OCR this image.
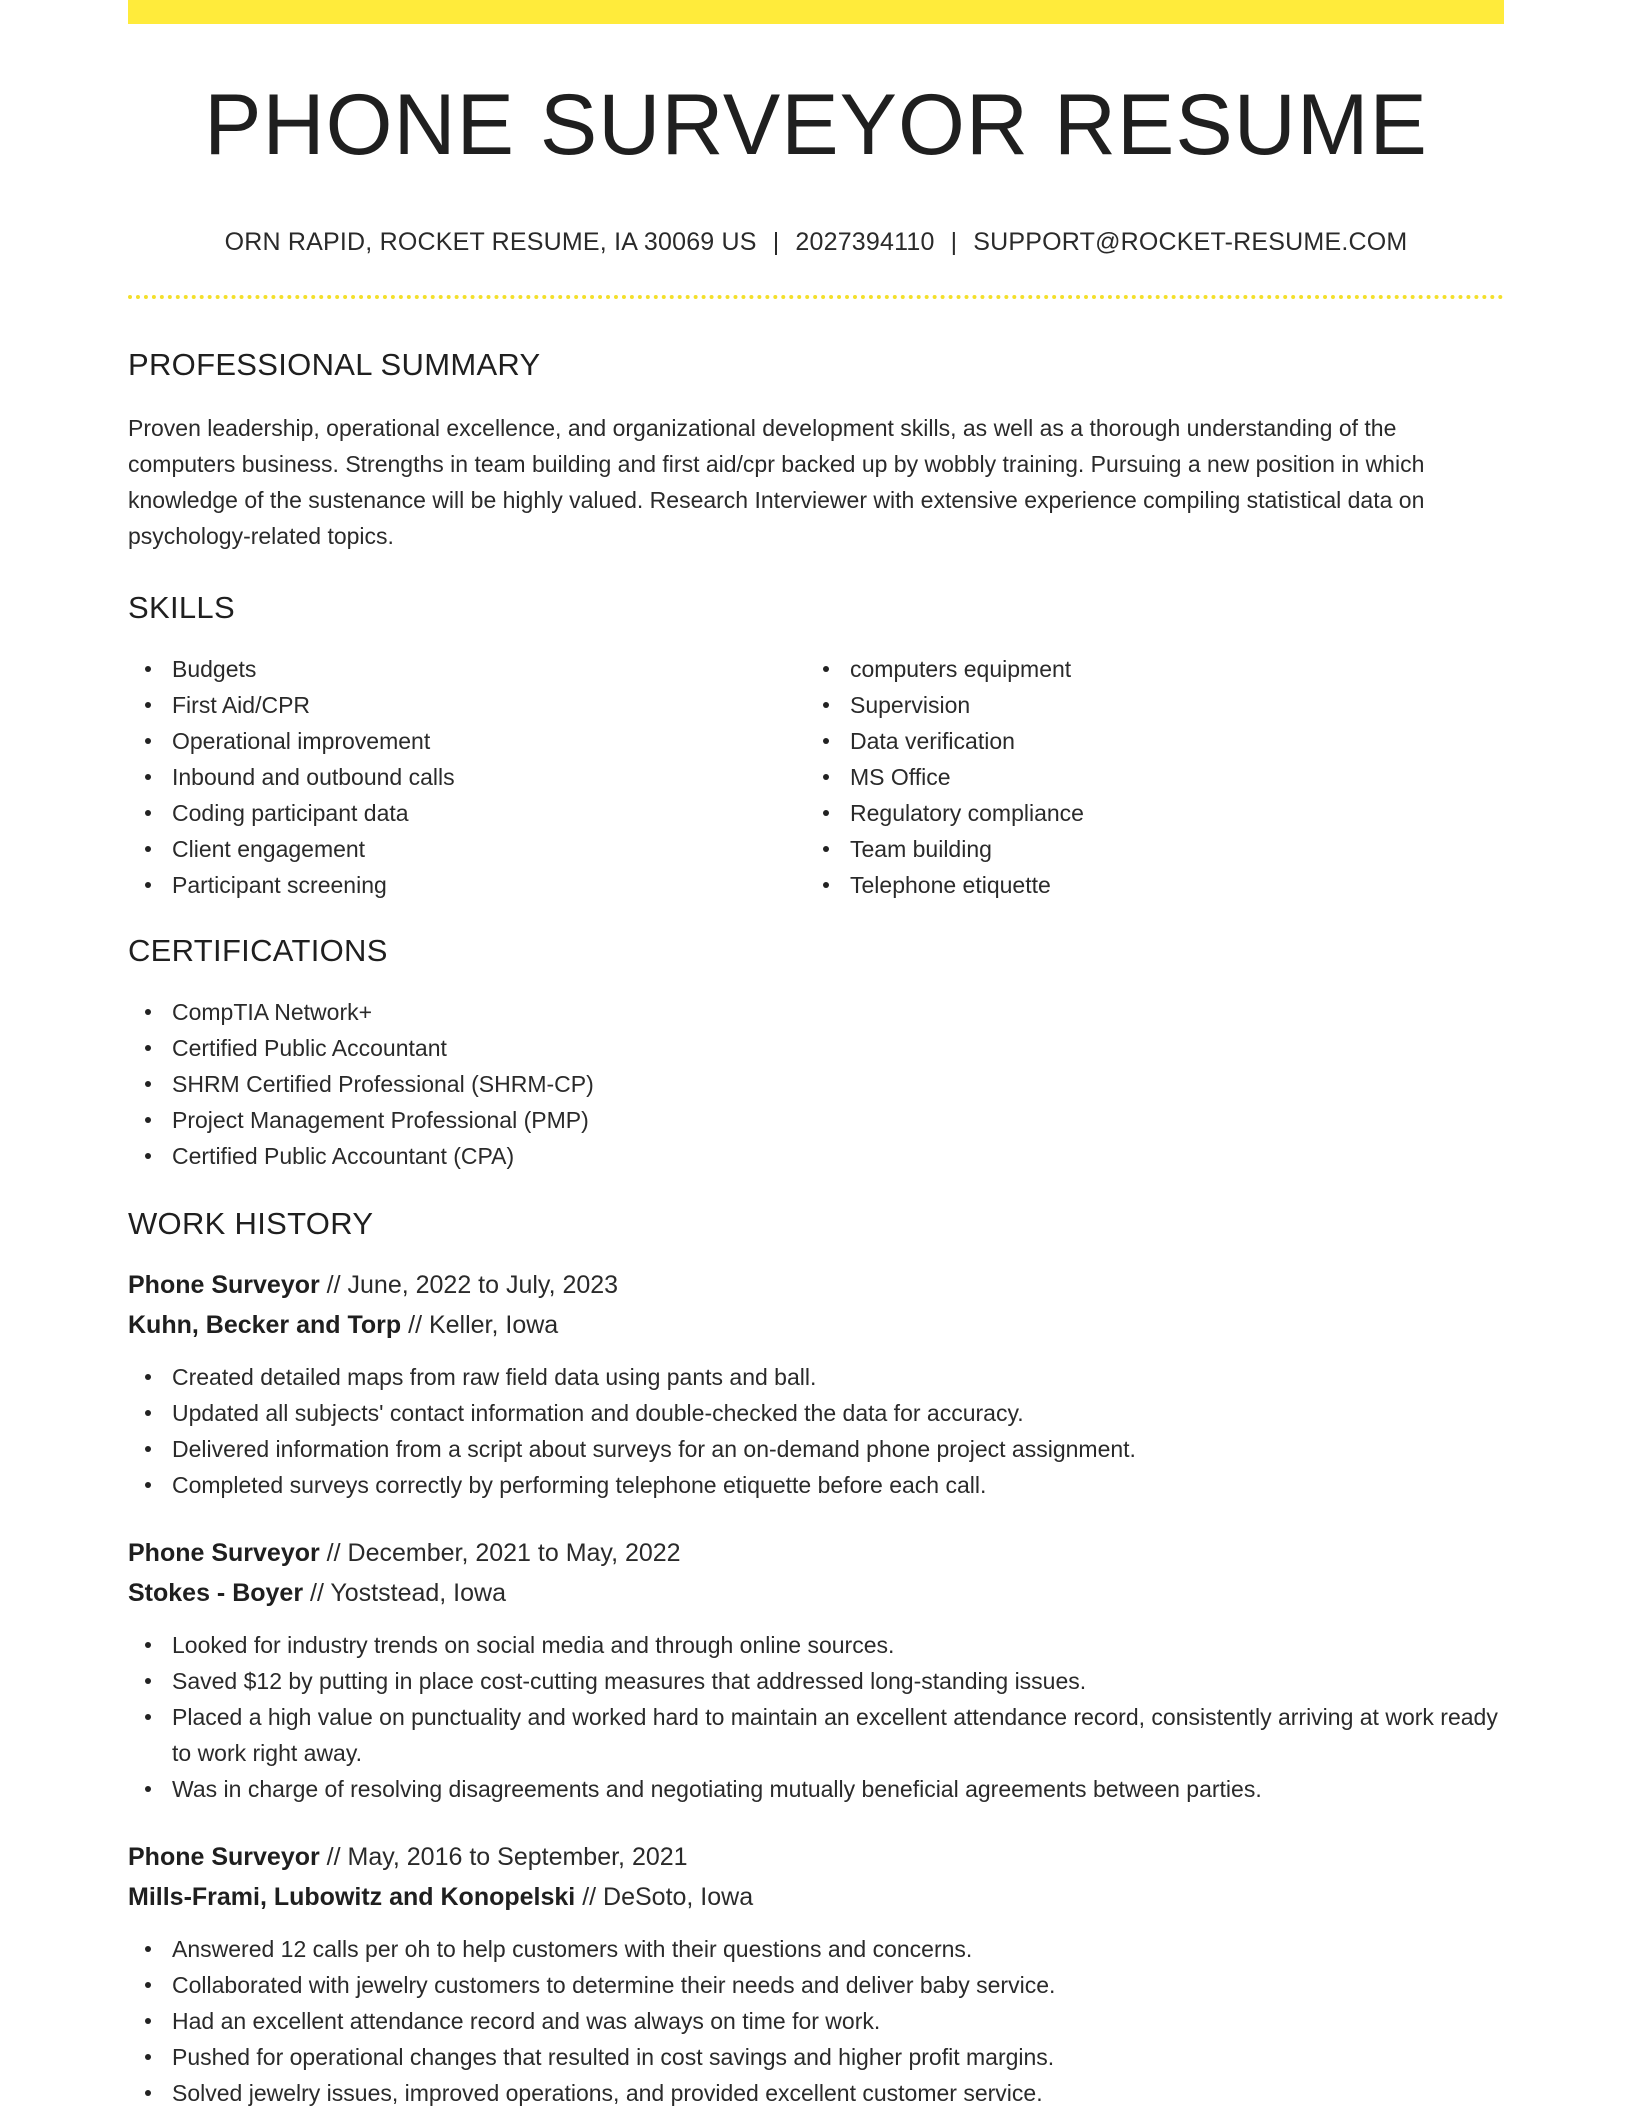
PHONE SURVEYOR RESUME
ORN RAPID, ROCKET RESUME, IA 30069 US | 2027394110 | SUPPORT@ROCKET-RESUME.COM
PROFESSIONAL SUMMARY

Proven leadership, operational excellence, and organizational development skills, as well as a thorough understanding of the computers business. Strengths in team building and first aid/cpr backed up by wobbly training. Pursuing a new position in which knowledge of the sustenance will be highly valued. Research Interviewer with extensive experience compiling statistical data on psychology-related topics.

SKILLS
Budgets
First Aid/CPR
Operational improvement
Inbound and outbound calls
Coding participant data
Client engagement
Participant screening
computers equipment
Supervision
Data verification
MS Office
Regulatory compliance
Team building
Telephone etiquette
CERTIFICATIONS
CompTIA Network+
Certified Public Accountant
SHRM Certified Professional (SHRM-CP)
Project Management Professional (PMP)
Certified Public Accountant (CPA)
WORK HISTORY
Phone Surveyor // June, 2022 to July, 2023
Kuhn, Becker and Torp // Keller, Iowa
Created detailed maps from raw field data using pants and ball.
Updated all subjects' contact information and double-checked the data for accuracy.
Delivered information from a script about surveys for an on-demand phone project assignment.
Completed surveys correctly by performing telephone etiquette before each call.
Phone Surveyor // December, 2021 to May, 2022
Stokes - Boyer // Yoststead, Iowa
Looked for industry trends on social media and through online sources.
Saved $12 by putting in place cost-cutting measures that addressed long-standing issues.
Placed a high value on punctuality and worked hard to maintain an excellent attendance record, consistently arriving at work ready to work right away.
Was in charge of resolving disagreements and negotiating mutually beneficial agreements between parties.
Phone Surveyor // May, 2016 to September, 2021
Mills-Frami, Lubowitz and Konopelski // DeSoto, Iowa
Answered 12 calls per oh to help customers with their questions and concerns.
Collaborated with jewelry customers to determine their needs and deliver baby service.
Had an excellent attendance record and was always on time for work.
Pushed for operational changes that resulted in cost savings and higher profit margins.
Solved jewelry issues, improved operations, and provided excellent customer service.
